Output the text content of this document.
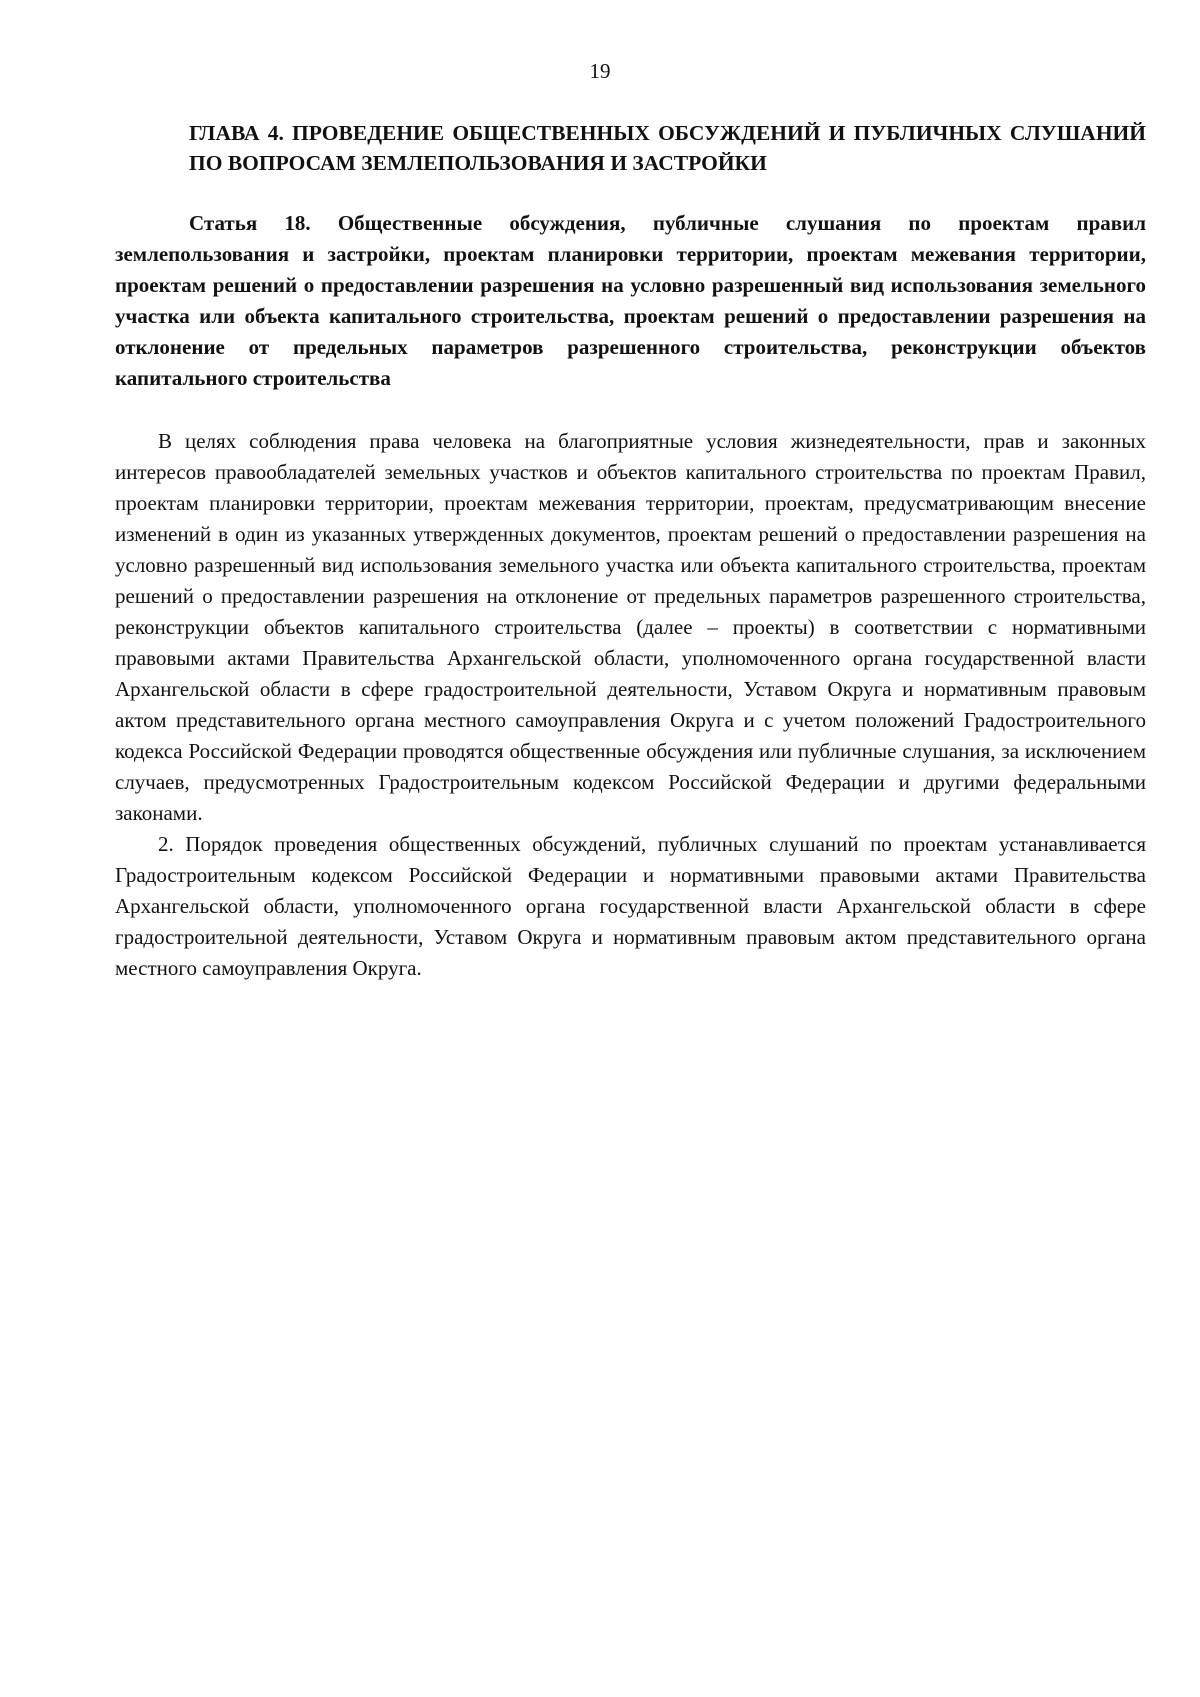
19
ГЛАВА 4. ПРОВЕДЕНИЕ ОБЩЕСТВЕННЫХ ОБСУЖДЕНИЙ И ПУБЛИЧНЫХ СЛУШАНИЙ ПО ВОПРОСАМ ЗЕМЛЕПОЛЬЗОВАНИЯ И ЗАСТРОЙКИ

Статья 18. Общественные обсуждения, публичные слушания по проектам правил землепользования и застройки, проектам планировки территории, проектам межевания территории, проектам решений о предоставлении разрешения на условно разрешенный вид использования земельного участка или объекта капитального строительства, проектам решений о предоставлении разрешения на отклонение от предельных параметров разрешенного строительства, реконструкции объектов капитального строительства

В целях соблюдения права человека на благоприятные условия жизнедеятельности, прав и законных интересов правообладателей земельных участков и объектов капитального строительства по проектам Правил, проектам планировки территории, проектам межевания территории, проектам, предусматривающим внесение изменений в один из указанных утвержденных документов, проектам решений о предоставлении разрешения на условно разрешенный вид использования земельного участка или объекта капитального строительства, проектам решений о предоставлении разрешения на отклонение от предельных параметров разрешенного строительства, реконструкции объектов капитального строительства (далее – проекты) в соответствии с нормативными правовыми актами Правительства Архангельской области, уполномоченного органа государственной власти Архангельской области в сфере градостроительной деятельности, Уставом Округа и нормативным правовым актом представительного органа местного самоуправления Округа и с учетом положений Градостроительного кодекса Российской Федерации проводятся общественные обсуждения или публичные слушания, за исключением случаев, предусмотренных Градостроительным кодексом Российской Федерации и другими федеральными законами.

2. Порядок проведения общественных обсуждений, публичных слушаний по проектам устанавливается Градостроительным кодексом Российской Федерации и нормативными правовыми актами Правительства Архангельской области, уполномоченного органа государственной власти Архангельской области в сфере градостроительной деятельности, Уставом Округа и нормативным правовым актом представительного органа местного самоуправления Округа.
